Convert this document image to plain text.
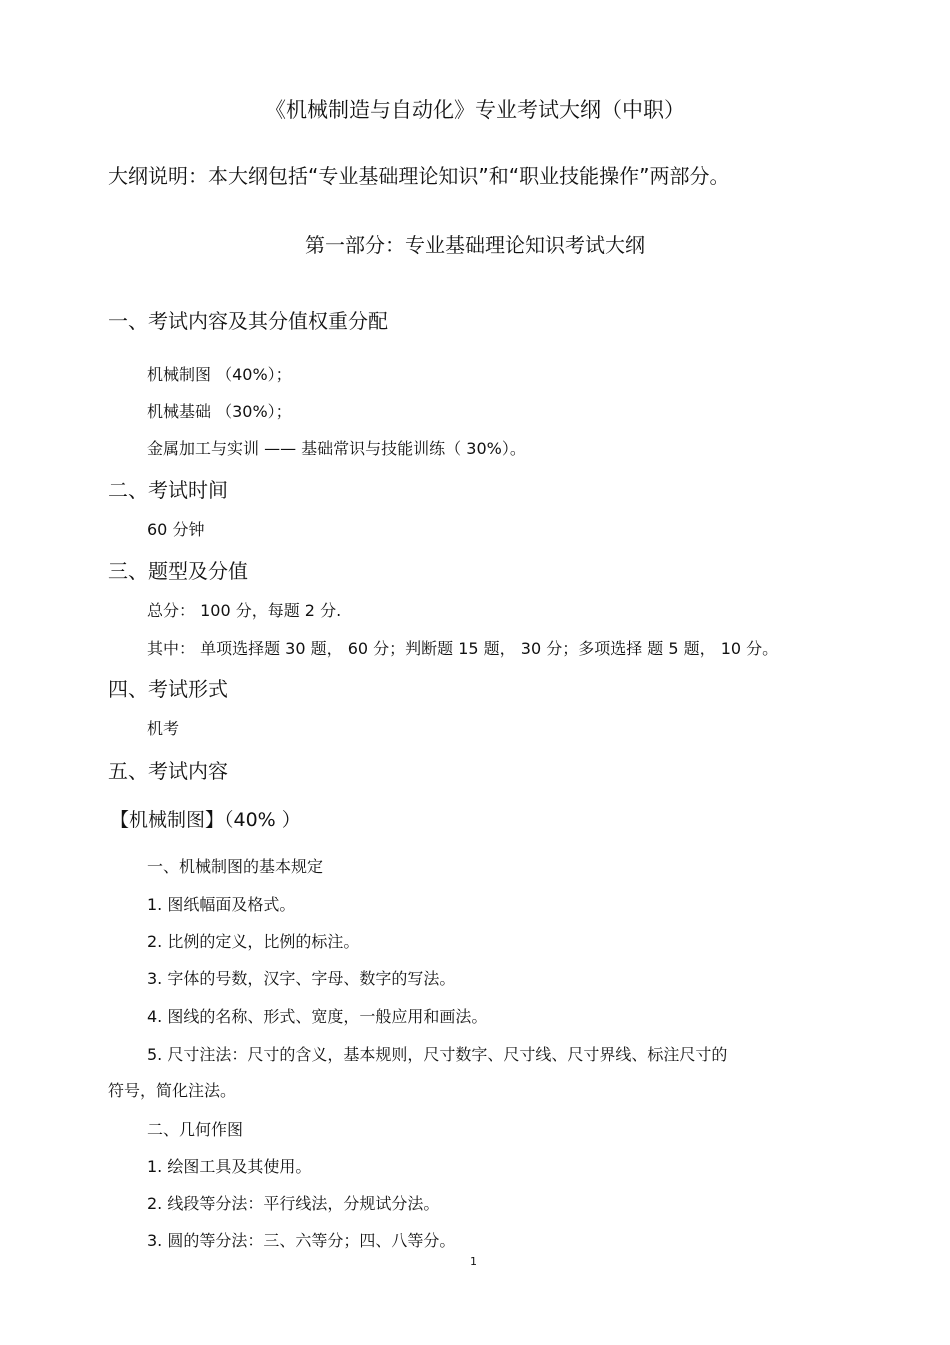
《机械制造与自动化》专业考试大纲（中职）
大纲说明：本大纲包括“专业基础理论知识”和“职业技能操作”两部分。
第一部分：专业基础理论知识考试大纲
一、考试内容及其分值权重分配
机械制图 （40%）；
机械基础 （30%）；
金属加工与实训 —— 基础常识与技能训练（ 30%）。
二、考试时间
60 分钟
三、题型及分值
总分： 100 分，每题 2 分.
其中： 单项选择题 30 题， 60 分；判断题 15 题， 30 分；多项选择 题 5 题， 10 分。
四、考试形式
机考
五、考试内容
【机械制图】（40% ）
一、机械制图的基本规定
1. 图纸幅面及格式。
2. 比例的定义，比例的标注。
3. 字体的号数，汉字、字母、数字的写法。
4. 图线的名称、形式、宽度，一般应用和画法。
5. 尺寸注法：尺寸的含义，基本规则，尺寸数字、尺寸线、尺寸界线、标注尺寸的
符号，简化注法。
二、几何作图
1. 绘图工具及其使用。
2. 线段等分法：平行线法，分规试分法。
3. 圆的等分法：三、六等分；四、八等分。
1
